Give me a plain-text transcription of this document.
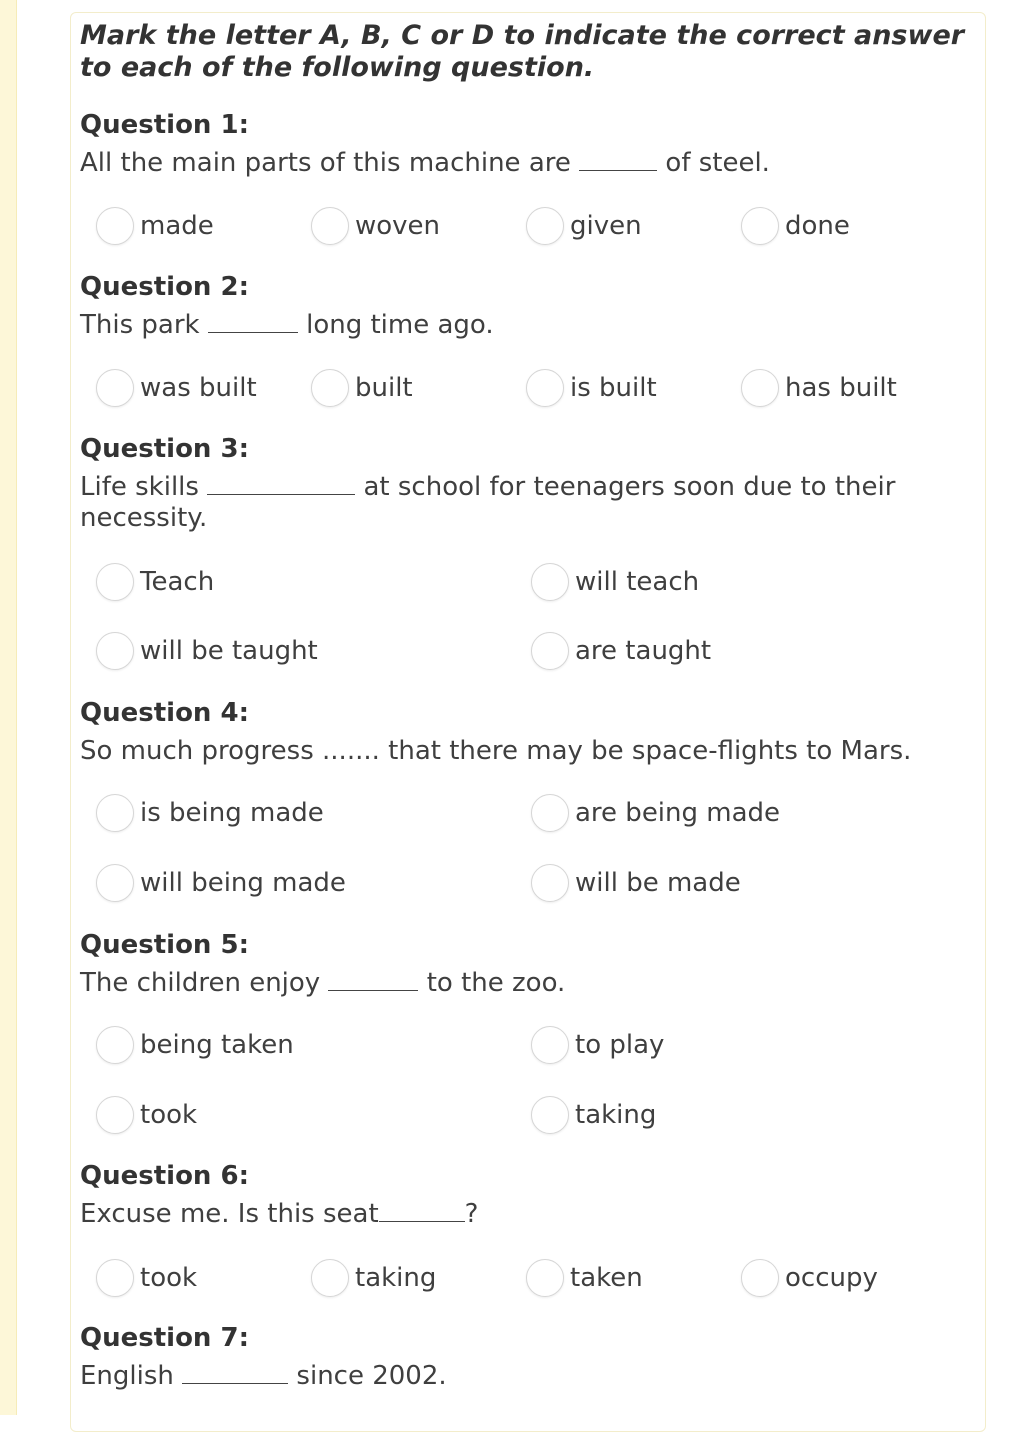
Mark the letter A, B, C or D to indicate the correct answer to each of the following question.
Question 1:
All the main parts of this machine are	of steel.
made	woven	given	done
Question 2:
This park	long time ago.
was built	built	is built	has built
Question 3:
Life skills	at school for teenagers soon due to their necessity.
Teach	will teach
will be taught	are taught
Question 4:
So much progress ....... that there may be space-flights to Mars.
is being made	are being made
will being made	will be made
Question 5:
The children enjoy	to the zoo.
being taken	to play
took	taking
Question 6:
Excuse me. Is this seat	?
took	taking	taken	occupy
Question 7:
English	since 2002.
